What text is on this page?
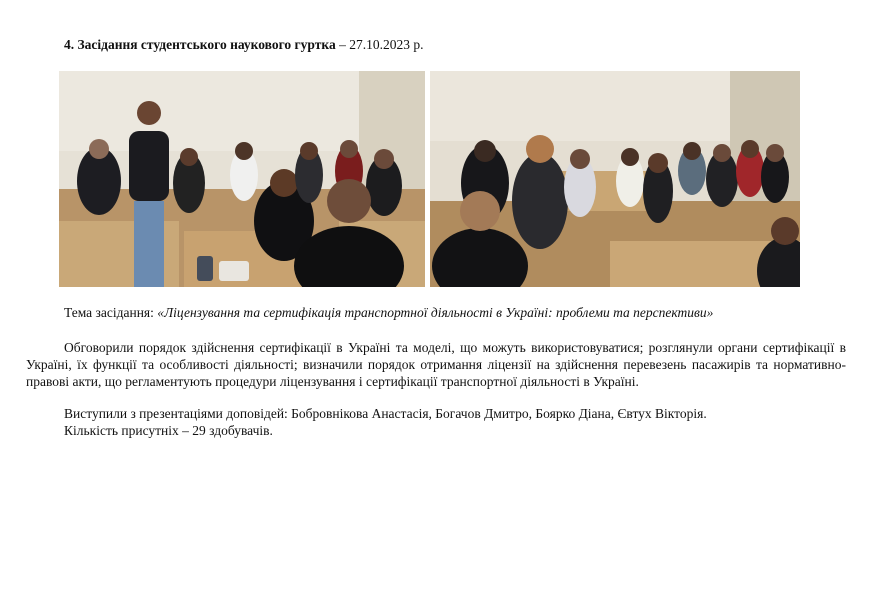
4. Засідання студентського наукового гуртка – 27.10.2023 р.
Тема засідання: «Ліцензування та сертифікація транспортної діяльності в Україні: проблеми та перспективи»
Обговорили порядок здійснення сертифікації в Україні та моделі, що можуть використовуватися; розглянули органи сертифікації в Україні, їх функції та особливості діяльності; визначили порядок отримання ліцензії на здійснення перевезень пасажирів та нормативно-правові акти, що регламентують процедури ліцензування і сертифікації транспортної діяльності в Україні.
Виступили з презентаціями доповідей: Бобровнікова Анастасія, Богачов Дмитро, Боярко Діана, Євтух Вікторія.
Кількість присутніх – 29 здобувачів.
